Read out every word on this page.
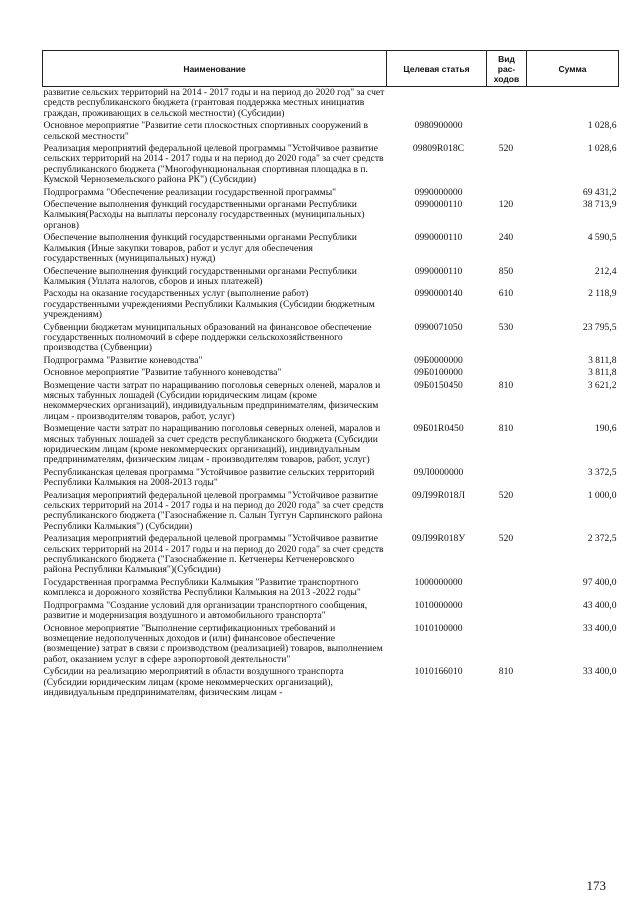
Наименование	Целевая статья	Вид рас-ходов	Сумма
развитие сельских территорий на 2014 - 2017 годы и на период до 2020 год" за счет средств республиканского бюджета (грантовая поддержка местных инициатив граждан, проживающих в сельской местности) (Субсидии)			
Основное мероприятие "Развитие сети плоскостных спортивных сооружений в сельской местности"	0980900000		1 028,6
Реализация мероприятий федеральной целевой программы "Устойчивое развитие сельских территорий на 2014 - 2017 годы и на период до 2020 года" за счет средств республиканского бюджета ("Многофункциональная спортивная площадка в п. Кумской Черноземельского района РК") (Субсидии)	09809R018C	520	1 028,6
Подпрограмма "Обеспечение реализации государственной программы"	0990000000		69 431,2
Обеспечение выполнения функций государственными органами Республики Калмыкия(Расходы на выплаты персоналу государственных (муниципальных) органов)	0990000110	120	38 713,9
Обеспечение выполнения функций государственными органами Республики Калмыкия (Иные закупки товаров, работ и услуг для обеспечения государственных (муниципальных) нужд)	0990000110	240	4 590,5
Обеспечение выполнения функций государственными органами Республики Калмыкия (Уплата налогов, сборов и иных платежей)	0990000110	850	212,4
Расходы на оказание государственных услуг (выполнение работ) государственными учреждениями Республики Калмыкия (Субсидии бюджетным учреждениям)	0990000140	610	2 118,9
Субвенции бюджетам муниципальных образований на финансовое обеспечение государственных полномочий в сфере поддержки сельскохозяйственного производства (Субвенции)	0990071050	530	23 795,5
Подпрограмма "Развитие коневодства"	09Б0000000		3 811,8
Основное мероприятие "Развитие табунного коневодства"	09Б0100000		3 811,8
Возмещение части затрат по наращиванию поголовья северных оленей, маралов и мясных табунных лошадей (Субсидии юридическим лицам (кроме некоммерческих организаций), индивидуальным предпринимателям, физическим лицам - производителям товаров, работ, услуг)	09Б0150450	810	3 621,2
Возмещение части затрат по наращиванию поголовья северных оленей, маралов и мясных табунных лошадей за счет средств республиканского бюджета (Субсидии юридическим лицам (кроме некоммерческих организаций), индивидуальным предпринимателям, физическим лицам - производителям товаров, работ, услуг)	09Б01R0450	810	190,6
Республиканская целевая программа "Устойчивое развитие сельских территорий Республики Калмыкия на 2008-2013 годы"	09Л0000000		3 372,5
Реализация мероприятий федеральной целевой программы "Устойчивое развитие сельских территорий на 2014 - 2017 годы и на период до 2020 года" за счет средств республиканского бюджета ("Газоснабжение п. Салын Туггун Сарпинского района Республики Калмыкия") (Субсидии)	09Л99R018Л	520	1 000,0
Реализация мероприятий федеральной целевой программы "Устойчивое развитие сельских территорий на 2014 - 2017 годы и на период до 2020 года" за счет средств республиканского бюджета ("Газоснабжение п. Кетченеры Кетченеровского района Республики Калмыкия")(Субсидии)	09Л99R018У	520	2 372,5
Государственная программа Республики Калмыкия "Развитие транспортного комплекса и дорожного хозяйства Республики Калмыкия на 2013 -2022 годы"	1000000000		97 400,0
Подпрограмма "Создание условий для организации транспортного сообщения, развитие и модернизация воздушного и автомобильного транспорта"	1010000000		43 400,0
Основное мероприятие "Выполнение сертификационных требований и возмещение недополученных доходов и (или) финансовое обеспечение (возмещение) затрат в связи с производством (реализацией) товаров, выполнением работ, оказанием услуг в сфере аэропортовой деятельности"	1010100000		33 400,0
Субсидии на реализацию мероприятий в области воздушного транспорта (Субсидии юридическим лицам (кроме некоммерческих организаций), индивидуальным предпринимателям, физическим лицам -	1010166010	810	33 400,0
173
